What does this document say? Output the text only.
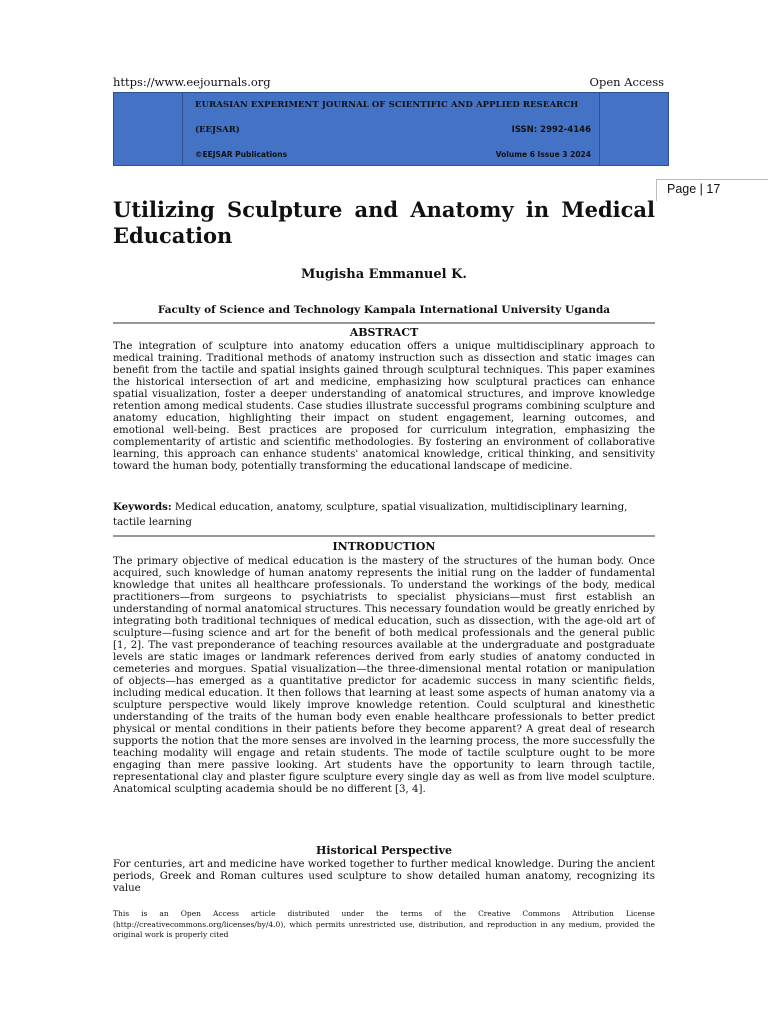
https://www.eejournals.org	Open Access
EURASIAN EXPERIMENT JOURNAL OF SCIENTIFIC AND APPLIED RESEARCH
(EEJSAR)	ISSN: 2992-4146
©EEJSAR Publications	Volume 6 Issue 3 2024
Page | 17
Utilizing Sculpture and Anatomy in Medical
Education
Mugisha Emmanuel K.
Faculty of Science and Technology Kampala International University Uganda
ABSTRACT
The integration of sculpture into anatomy education offers a unique multidisciplinary approach to medical training. Traditional methods of anatomy instruction such as dissection and static images can benefit from the tactile and spatial insights gained through sculptural techniques. This paper examines the historical intersection of art and medicine, emphasizing how sculptural practices can enhance spatial visualization, foster a deeper understanding of anatomical structures, and improve knowledge retention among medical students. Case studies illustrate successful programs combining sculpture and anatomy education, highlighting their impact on student engagement, learning outcomes, and emotional well-being. Best practices are proposed for curriculum integration, emphasizing the complementarity of artistic and scientific methodologies. By fostering an environment of collaborative learning, this approach can enhance students' anatomical knowledge, critical thinking, and sensitivity toward the human body, potentially transforming the educational landscape of medicine.
Keywords: Medical education, anatomy, sculpture, spatial visualization, multidisciplinary learning, tactile learning
INTRODUCTION
The primary objective of medical education is the mastery of the structures of the human body. Once acquired, such knowledge of human anatomy represents the initial rung on the ladder of fundamental knowledge that unites all healthcare professionals. To understand the workings of the body, medical practitioners—from surgeons to psychiatrists to specialist physicians—must first establish an understanding of normal anatomical structures. This necessary foundation would be greatly enriched by integrating both traditional techniques of medical education, such as dissection, with the age-old art of sculpture—fusing science and art for the benefit of both medical professionals and the general public [1, 2]. The vast preponderance of teaching resources available at the undergraduate and postgraduate levels are static images or landmark references derived from early studies of anatomy conducted in cemeteries and morgues. Spatial visualization—the three-dimensional mental rotation or manipulation of objects—has emerged as a quantitative predictor for academic success in many scientific fields, including medical education. It then follows that learning at least some aspects of human anatomy via a sculpture perspective would likely improve knowledge retention. Could sculptural and kinesthetic understanding of the traits of the human body even enable healthcare professionals to better predict physical or mental conditions in their patients before they become apparent? A great deal of research supports the notion that the more senses are involved in the learning process, the more successfully the teaching modality will engage and retain students. The mode of tactile sculpture ought to be more engaging than mere passive looking. Art students have the opportunity to learn through tactile, representational clay and plaster figure sculpture every single day as well as from live model sculpture. Anatomical sculpting academia should be no different [3, 4].
Historical Perspective
For centuries, art and medicine have worked together to further medical knowledge. During the ancient periods, Greek and Roman cultures used sculpture to show detailed human anatomy, recognizing its value
This is an Open Access article distributed under the terms of the Creative Commons Attribution License (http://creativecommons.org/licenses/by/4.0), which permits unrestricted use, distribution, and reproduction in any medium, provided the original work is properly cited
